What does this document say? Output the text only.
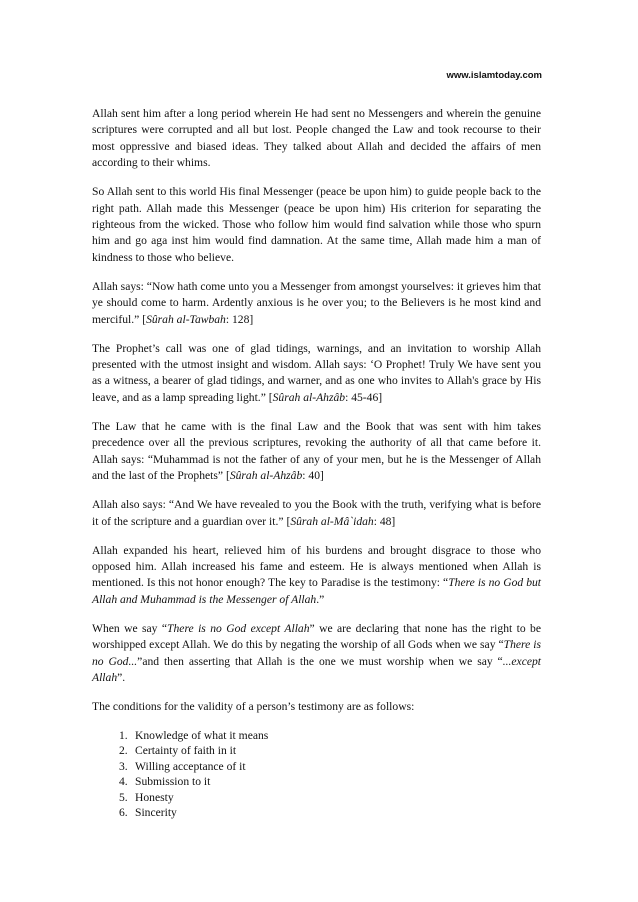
www.islamtoday.com

Allah sent him after a long period wherein He had sent no Messengers and wherein the genuine scriptures were corrupted and all but lost. People changed the Law and took recourse to their most oppressive and biased ideas. They talked about Allah and decided the affairs of men according to their whims.

So Allah sent to this world His final Messenger (peace be upon him) to guide people back to the right path. Allah made this Messenger (peace be upon him) His criterion for separating the righteous from the wicked. Those who follow him would find salvation while those who spurn him and go aga inst him would find damnation. At the same time, Allah made him a man of kindness to those who believe.

Allah says: “Now hath come unto you a Messenger from amongst yourselves: it grieves him that ye should come to harm. Ardently anxious is he over you; to the Believers is he most kind and merciful.” [Sûrah al-Tawbah: 128]

The Prophet’s call was one of glad tidings, warnings, and an invitation to worship Allah presented with the utmost insight and wisdom. Allah says: ‘O Prophet! Truly We have sent you as a witness, a bearer of glad tidings, and warner, and as one who invites to Allah's grace by His leave, and as a lamp spreading light.” [Sûrah al-Ahzâb: 45-46]

The Law that he came with is the final Law and the Book that was sent with him takes precedence over all the previous scriptures, revoking the authority of all that came before it. Allah says: “Muhammad is not the father of any of your men, but he is the Messenger of Allah and the last of the Prophets” [Sûrah al-Ahzâb: 40]

Allah also says: “And We have revealed to you the Book with the truth, verifying what is before it of the scripture and a guardian over it.” [Sûrah al-Mâ`idah: 48]

Allah expanded his heart, relieved him of his burdens and brought disgrace to those who opposed him. Allah increased his fame and esteem. He is always mentioned when Allah is mentioned. Is this not honor enough? The key to Paradise is the testimony: “There is no God but Allah and Muhammad is the Messenger of Allah.”

When we say “There is no God except Allah” we are declaring that none has the right to be worshipped except Allah. We do this by negating the worship of all Gods when we say “There is no God...”and then asserting that Allah is the one we must worship when we say “...except Allah”.

The conditions for the validity of a person’s testimony are as follows:

1. Knowledge of what it means
2. Certainty of faith in it
3. Willing acceptance of it
4. Submission to it
5. Honesty
6. Sincerity
